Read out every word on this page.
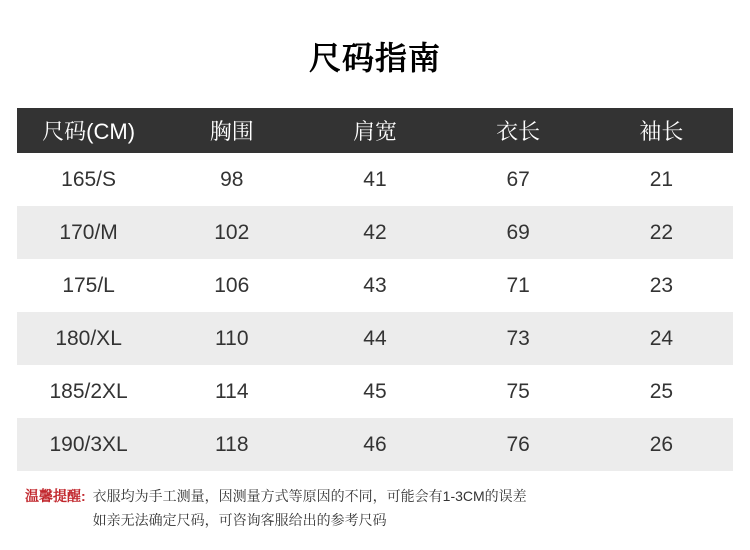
尺码指南
尺码(CM)	胸围	肩宽	衣长	袖长
165/S	98	41	67	21
170/M	102	42	69	22
175/L	106	43	71	23
180/XL	110	44	73	24
185/2XL	114	45	75	25
190/3XL	118	46	76	26
温馨提醒: 衣服均为手工测量，因测量方式等原因的不同，可能会有1-3CM的误差

如亲无法确定尺码，可咨询客服给出的参考尺码
